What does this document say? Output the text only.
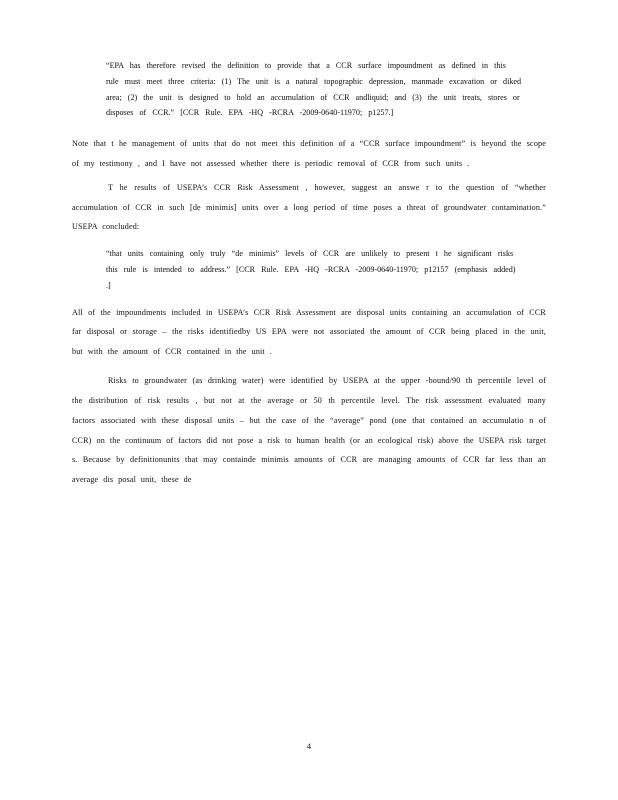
“EPA has therefore revised the definition to provide that a CCR surface impoundment as defined in this rule must meet three criteria: (1) The unit is a natural topographic depression, manmade excavation or diked area; (2) the unit is designed to hold an accumulation of CCR andliquid; and (3) the unit treats, stores or disposes of CCR.” [CCR Rule. EPA -HQ -RCRA -2009-0640-11970; p1257.]

Note that t he management of units that do not meet this definition of a “CCR surface impoundment” is beyond the scope of my testimony , and I have not assessed whether there is periodic removal of CCR from such units .

T he results of USEPA’s CCR Risk Assessment , however, suggest an answe r to the question of “whether accumulation of CCR in such [de minimis] units over a long period of time poses a threat of groundwater contamination.” USEPA concluded:

“that units containing only truly “de minimis” levels of CCR are unlikely to present t he significant risks this rule is intended to address.” [CCR Rule. EPA -HQ -RCRA -2009-0640-11970; p12157 (emphasis added) .]

All of the impoundments included in USEPA’s CCR Risk Assessment are disposal units containing an accumulation of CCR far disposal or storage – the risks identifiedby US EPA were not associated the amount of CCR being placed in the unit, but with the amount of CCR contained in the unit .

Risks to groundwater (as drinking water) were identified by USEPA at the upper -bound/90 th percentile level of the distribution of risk results , but not at the average or 50 th percentile level. The risk assessment evaluated many factors associated with these disposal units – but the case of the “average” pond (one that contained an accumulatio n of CCR) on the continuum of factors did not pose a risk to human health (or an ecological risk) above the USEPA risk target s. Because by definitionunits that may containde minimis amounts of CCR are managing amounts of CCR far less than an average dis posal unit, these de

4
